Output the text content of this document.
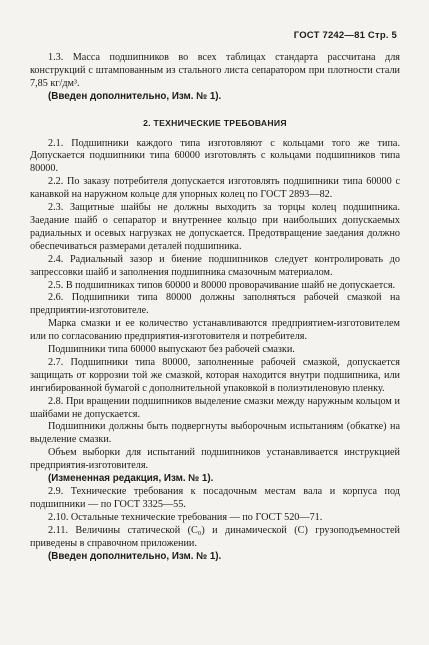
ГОСТ 7242—81 Стр. 5

1.3. Масса подшипников во всех таблицах стандарта рассчитана для конструкций с штампованным из стального листа сепаратором при плотности стали 7,85 кг/дм³.

(Введен дополнительно, Изм. № 1).

2. ТЕХНИЧЕСКИЕ ТРЕБОВАНИЯ

2.1. Подшипники каждого типа изготовляют с кольцами того же типа. Допускается подшипники типа 60000 изготовлять с кольцами подшипников типа 80000.

2.2. По заказу потребителя допускается изготовлять подшипники типа 60000 с канавкой на наружном кольце для упорных колец по ГОСТ 2893—82.

2.3. Защитные шайбы не должны выходить за торцы колец подшипника. Заедание шайб о сепаратор и внутреннее кольцо при наибольших допускаемых радиальных и осевых нагрузках не допускается. Предотвращение заедания должно обеспечиваться размерами деталей подшипника.

2.4. Радиальный зазор и биение подшипников следует контролировать до запрессовки шайб и заполнения подшипника смазочным материалом.

2.5. В подшипниках типов 60000 и 80000 проворачивание шайб не допускается.

2.6. Подшипники типа 80000 должны заполняться рабочей смазкой на предприятии-изготовителе.

Марка смазки и ее количество устанавливаются предприятием-изготовителем или по согласованию предприятия-изготовителя и потребителя.

Подшипники типа 60000 выпускают без рабочей смазки.

2.7. Подшипники типа 80000, заполненные рабочей смазкой, допускается защищать от коррозии той же смазкой, которая находится внутри подшипника, или ингибированной бумагой с дополнительной упаковкой в полиэтиленовую пленку.

2.8. При вращении подшипников выделение смазки между наружным кольцом и шайбами не допускается.

Подшипники должны быть подвергнуты выборочным испытаниям (обкатке) на выделение смазки.

Объем выборки для испытаний подшипников устанавливается инструкцией предприятия-изготовителя.

(Измененная редакция, Изм. № 1).

2.9. Технические требования к посадочным местам вала и корпуса под подшипники — по ГОСТ 3325—55.

2.10. Остальные технические требования — по ГОСТ 520—71.

2.11. Величины статической (C₀) и динамической (C) грузоподъемностей приведены в справочном приложении.

(Введен дополнительно, Изм. № 1).
